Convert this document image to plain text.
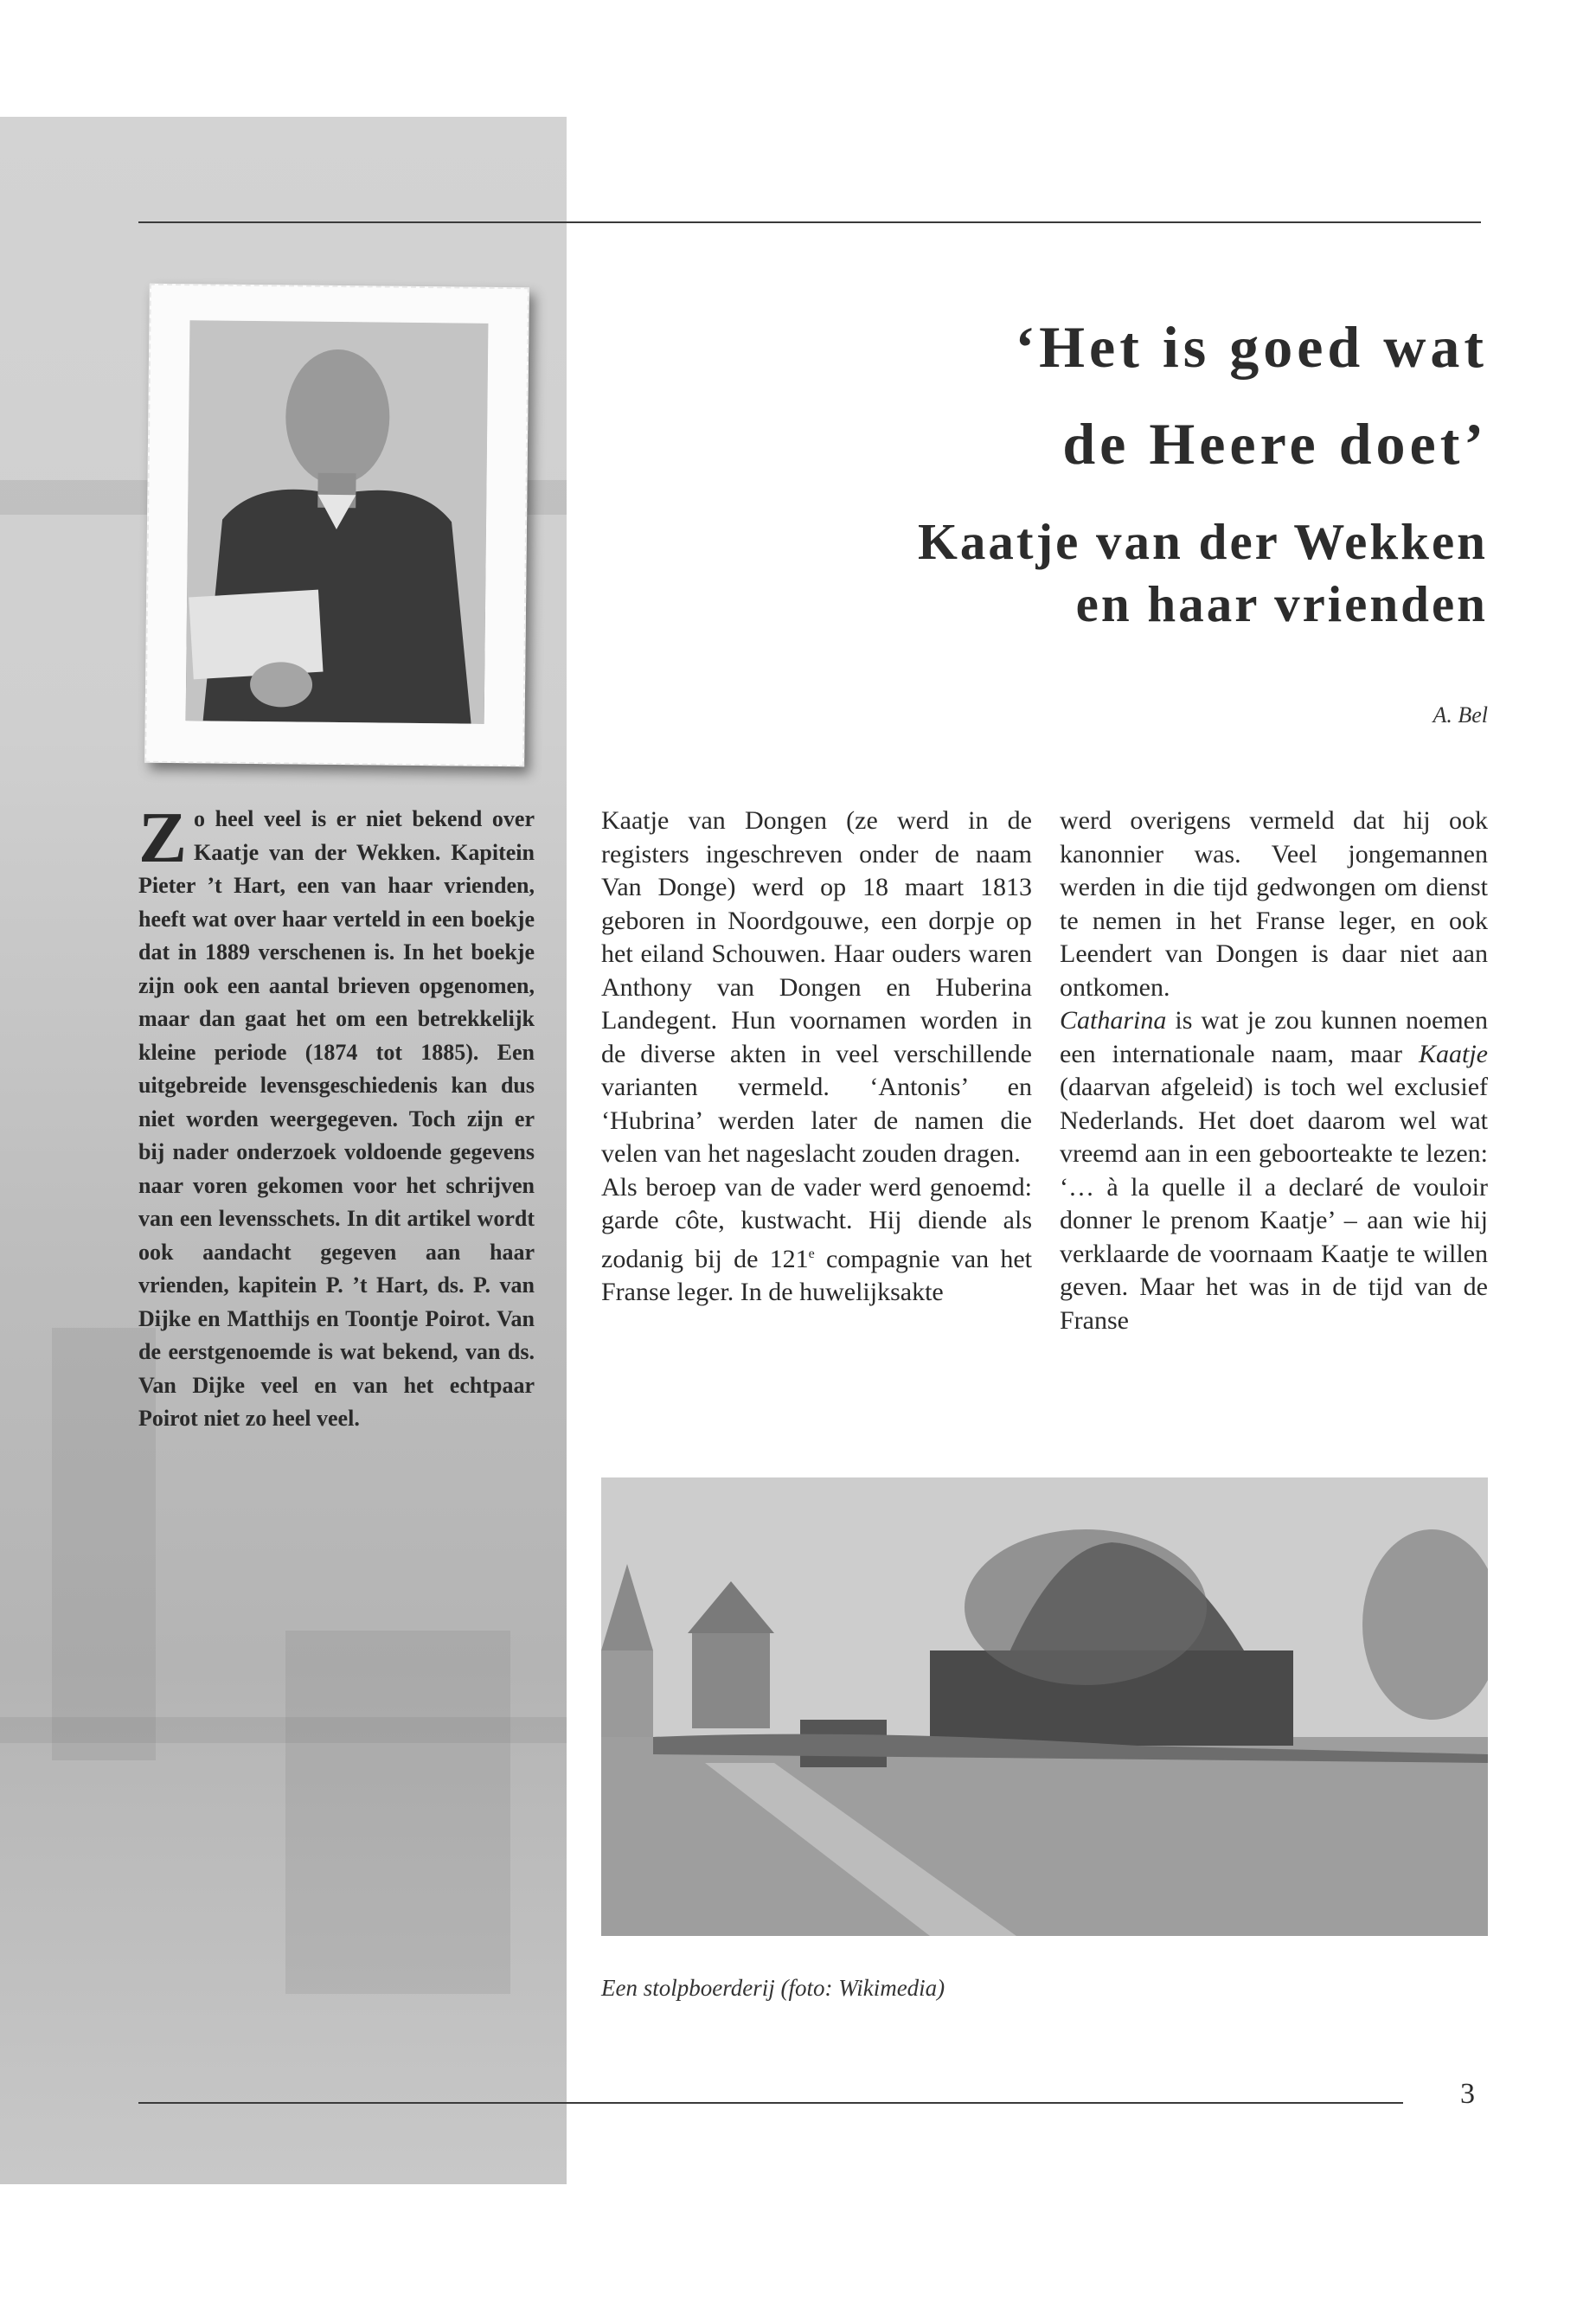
‘Het is goed wat
de Heere doet’
Kaatje van der Wekken
en haar vrienden
A. Bel

Z o heel veel is er niet bekend over Kaatje van der Wekken. Kapitein Pieter ’t Hart, een van haar vrienden, heeft wat over haar verteld in een boekje dat in 1889 verschenen is. In het boekje zijn ook een aantal brieven opgenomen, maar dan gaat het om een betrekkelijk kleine periode (1874 tot 1885). Een uitgebreide levensgeschiedenis kan dus niet worden weergegeven. Toch zijn er bij nader onderzoek voldoende gegevens naar voren gekomen voor het schrijven van een levensschets. In dit artikel wordt ook aandacht gegeven aan haar vrienden, kapitein P. ’t Hart, ds. P. van Dijke en Matthijs en Toontje Poirot. Van de eerstgenoemde is wat bekend, van ds. Van Dijke veel en van het echtpaar Poirot niet zo heel veel.

Kaatje van Dongen (ze werd in de registers ingeschreven onder de naam Van Donge) werd op 18 maart 1813 geboren in Noordgouwe, een dorpje op het eiland Schouwen. Haar ouders waren Anthony van Dongen en Huberina Landegent. Hun voornamen worden in de diverse akten in veel verschillende varianten vermeld. ‘Antonis’ en ‘Hubrina’ werden later de namen die velen van het nageslacht zouden dragen.

Als beroep van de vader werd genoemd: garde côte, kustwacht. Hij diende als zodanig bij de 121e compagnie van het Franse leger. In de huwelijksakte

werd overigens vermeld dat hij ook kanonnier was. Veel jongemannen werden in die tijd gedwongen om dienst te nemen in het Franse leger, en ook Leendert van Dongen is daar niet aan ontkomen.

Catharina is wat je zou kunnen noemen een internationale naam, maar Kaatje (daarvan afgeleid) is toch wel exclusief Nederlands. Het doet daarom wel wat vreemd aan in een geboorteakte te lezen: ‘… à la quelle il a declaré de vouloir donner le prenom Kaatje’ – aan wie hij verklaarde de voornaam Kaatje te willen geven. Maar het was in de tijd van de Franse

Een stolpboerderij (foto: Wikimedia)
3
